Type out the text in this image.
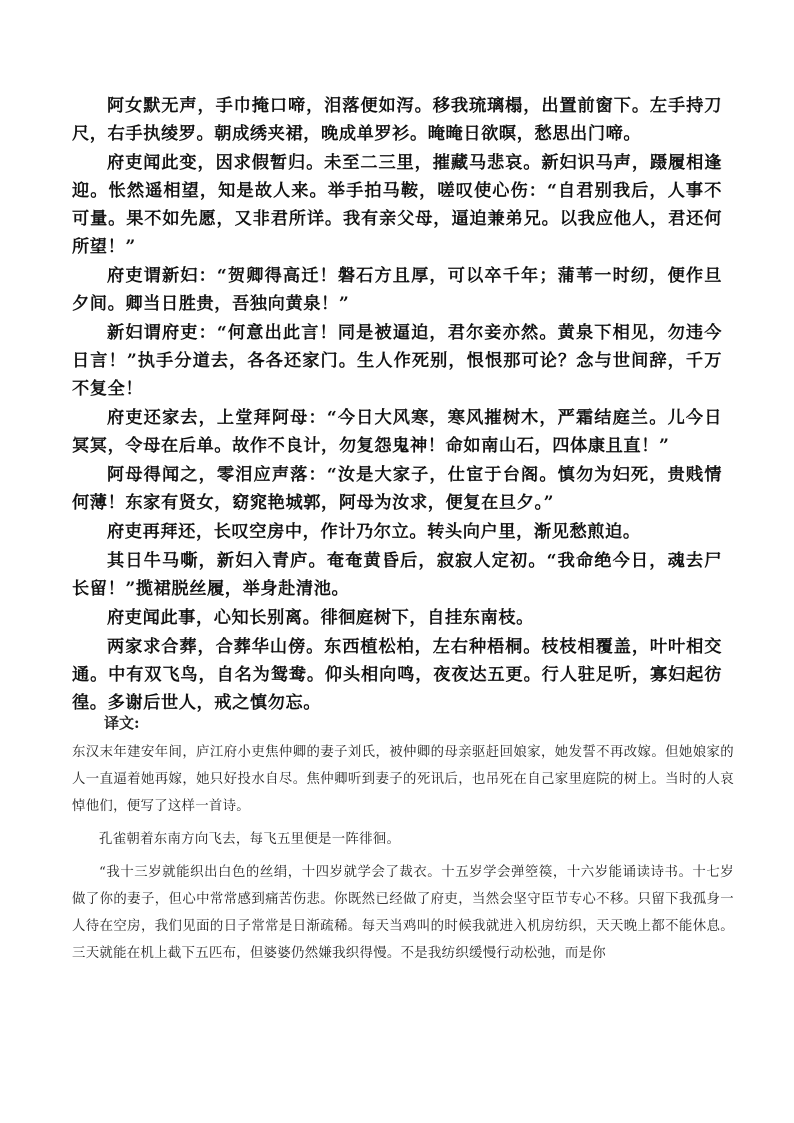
阿女默无声，手巾掩口啼，泪落便如泻。移我琉璃榻，出置前窗下。左手持刀尺，右手执绫罗。朝成绣夹裙，晚成单罗衫。晻晻日欲暝，愁思出门啼。

府吏闻此变，因求假暂归。未至二三里，摧藏马悲哀。新妇识马声，蹑履相逢迎。怅然遥相望，知是故人来。举手拍马鞍，嗟叹使心伤：“自君别我后，人事不可量。果不如先愿，又非君所详。我有亲父母，逼迫兼弟兄。以我应他人，君还何所望！”

府吏谓新妇：“贺卿得高迁！磐石方且厚，可以卒千年；蒲苇一时纫，便作旦夕间。卿当日胜贵，吾独向黄泉！”

新妇谓府吏：“何意出此言！同是被逼迫，君尔妾亦然。黄泉下相见，勿违今日言！”执手分道去，各各还家门。生人作死别，恨恨那可论？念与世间辞，千万不复全！

府吏还家去，上堂拜阿母：“今日大风寒，寒风摧树木，严霜结庭兰。儿今日冥冥，令母在后单。故作不良计，勿复怨鬼神！命如南山石，四体康且直！”

阿母得闻之，零泪应声落：“汝是大家子，仕宦于台阁。慎勿为妇死，贵贱情何薄！东家有贤女，窈窕艳城郭，阿母为汝求，便复在旦夕。”

府吏再拜还，长叹空房中，作计乃尔立。转头向户里，渐见愁煎迫。

其日牛马嘶，新妇入青庐。奄奄黄昏后，寂寂人定初。“我命绝今日，魂去尸长留！”揽裙脱丝履，举身赴清池。

府吏闻此事，心知长别离。徘徊庭树下，自挂东南枝。

两家求合葬，合葬华山傍。东西植松柏，左右种梧桐。枝枝相覆盖，叶叶相交通。中有双飞鸟，自名为鸳鸯。仰头相向鸣，夜夜达五更。行人驻足听，寡妇起彷徨。多谢后世人，戒之慎勿忘。

译文:

东汉末年建安年间，庐江府小吏焦仲卿的妻子刘氏，被仲卿的母亲驱赶回娘家，她发誓不再改嫁。但她娘家的人一直逼着她再嫁，她只好投水自尽。焦仲卿听到妻子的死讯后，也吊死在自己家里庭院的树上。当时的人哀悼他们，便写了这样一首诗。

孔雀朝着东南方向飞去，每飞五里便是一阵徘徊。

“我十三岁就能织出白色的丝绢，十四岁就学会了裁衣。十五岁学会弹箜篌，十六岁能诵读诗书。十七岁做了你的妻子，但心中常常感到痛苦伤悲。你既然已经做了府吏，当然会坚守臣节专心不移。只留下我孤身一人待在空房，我们见面的日子常常是日渐疏稀。每天当鸡叫的时候我就进入机房纺织，天天晚上都不能休息。三天就能在机上截下五匹布，但婆婆仍然嫌我织得慢。不是我纺织缓慢行动松弛，而是你
